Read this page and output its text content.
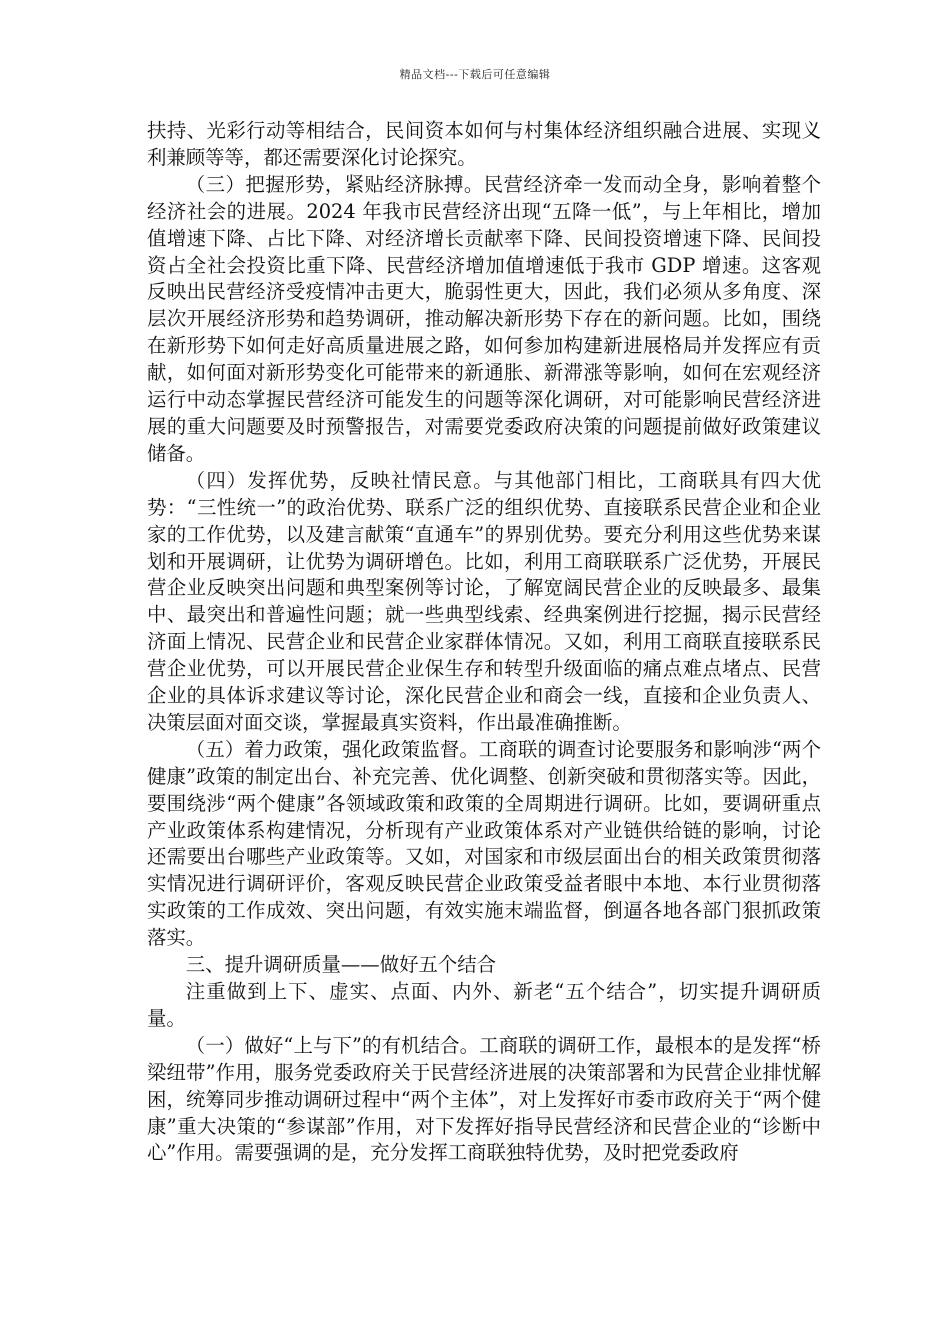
精品文档---下载后可任意编辑

扶持、光彩行动等相结合，民间资本如何与村集体经济组织融合进展、实现义利兼顾等等，都还需要深化讨论探究。

（三）把握形势，紧贴经济脉搏。民营经济牵一发而动全身，影响着整个经济社会的进展。2024 年我市民营经济出现“五降一低”，与上年相比，增加值增速下降、占比下降、对经济增长贡献率下降、民间投资增速下降、民间投资占全社会投资比重下降、民营经济增加值增速低于我市 GDP 增速。这客观反映出民营经济受疫情冲击更大，脆弱性更大，因此，我们必须从多角度、深层次开展经济形势和趋势调研，推动解决新形势下存在的新问题。比如，围绕在新形势下如何走好高质量进展之路，如何参加构建新进展格局并发挥应有贡献，如何面对新形势变化可能带来的新通胀、新滞涨等影响，如何在宏观经济运行中动态掌握民营经济可能发生的问题等深化调研，对可能影响民营经济进展的重大问题要及时预警报告，对需要党委政府决策的问题提前做好政策建议储备。

（四）发挥优势，反映社情民意。与其他部门相比，工商联具有四大优势：“三性统一”的政治优势、联系广泛的组织优势、直接联系民营企业和企业家的工作优势，以及建言献策“直通车”的界别优势。要充分利用这些优势来谋划和开展调研，让优势为调研增色。比如，利用工商联联系广泛优势，开展民营企业反映突出问题和典型案例等讨论，了解宽阔民营企业的反映最多、最集中、最突出和普遍性问题；就一些典型线索、经典案例进行挖掘，揭示民营经济面上情况、民营企业和民营企业家群体情况。又如，利用工商联直接联系民营企业优势，可以开展民营企业保生存和转型升级面临的痛点难点堵点、民营企业的具体诉求建议等讨论，深化民营企业和商会一线，直接和企业负责人、决策层面对面交谈，掌握最真实资料，作出最准确推断。

（五）着力政策，强化政策监督。工商联的调查讨论要服务和影响涉“两个健康”政策的制定出台、补充完善、优化调整、创新突破和贯彻落实等。因此，要围绕涉“两个健康”各领域政策和政策的全周期进行调研。比如，要调研重点产业政策体系构建情况，分析现有产业政策体系对产业链供给链的影响，讨论还需要出台哪些产业政策等。又如，对国家和市级层面出台的相关政策贯彻落实情况进行调研评价，客观反映民营企业政策受益者眼中本地、本行业贯彻落实政策的工作成效、突出问题，有效实施末端监督，倒逼各地各部门狠抓政策落实。

三、提升调研质量——做好五个结合

注重做到上下、虚实、点面、内外、新老“五个结合”，切实提升调研质量。

（一）做好“上与下”的有机结合。工商联的调研工作，最根本的是发挥“桥梁纽带”作用，服务党委政府关于民营经济进展的决策部署和为民营企业排忧解困，统筹同步推动调研过程中“两个主体”，对上发挥好市委市政府关于“两个健康”重大决策的“参谋部”作用，对下发挥好指导民营经济和民营企业的“诊断中心”作用。需要强调的是，充分发挥工商联独特优势，及时把党委政府
